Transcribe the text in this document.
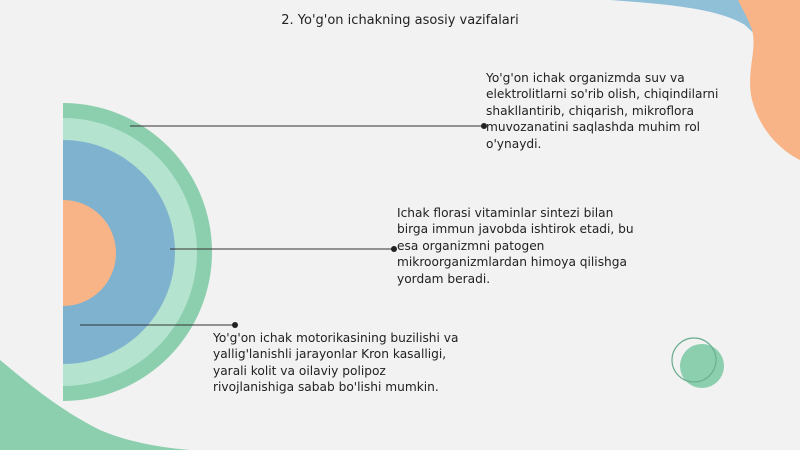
2. Yo'g'on ichakning asosiy vazifalari
Yo'g'on ichak organizmda suv va elektrolitlarni so'rib olish, chiqindilarni shakllantirib, chiqarish, mikroflora muvozanatini saqlashda muhim rol o'ynaydi.
Ichak florasi vitaminlar sintezi bilan birga immun javobda ishtirok etadi, bu esa organizmni patogen mikroorganizmlardan himoya qilishga yordam beradi.
Yo'g'on ichak motorikasining buzilishi va yallig'lanishli jarayonlar Kron kasalligi, yarali kolit va oilaviy polipoz rivojlanishiga sabab bo'lishi mumkin.
